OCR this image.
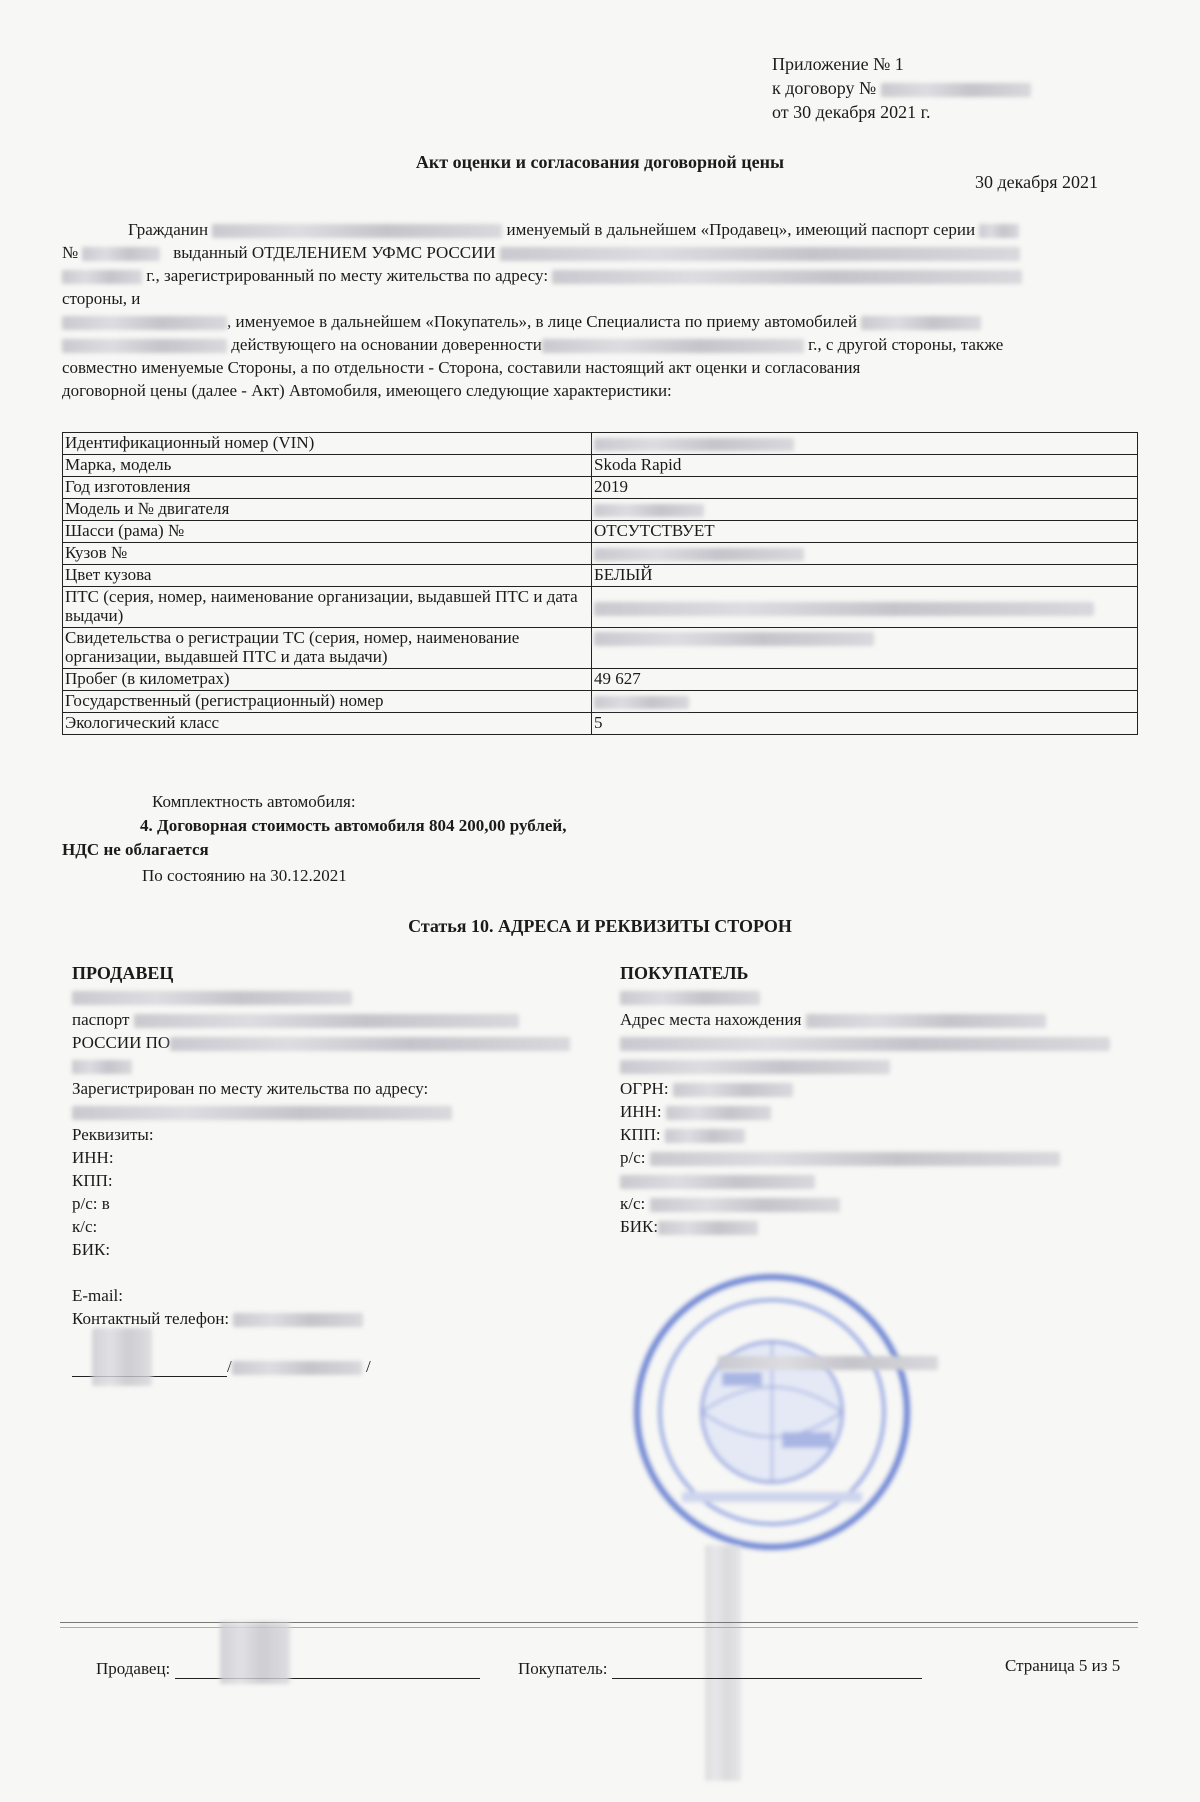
Приложение № 1
к договору №
от 30 декабря 2021 г.
Акт оценки и согласования договорной цены
30 декабря 2021

Гражданин	именуемый в дальнейшем «Продавец», имеющий паспорт серии

№	выданный ОТДЕЛЕНИЕМ УФМС РОССИИ

г., зарегистрированный по месту жительства по адресу:

стороны, и

, именуемое в дальнейшем «Покупатель», в лице Специалиста по приему автомобилей

действующего на основании доверенности	г., с другой стороны, также

совместно именуемые Стороны, а по отдельности - Сторона, составили настоящий акт оценки и согласования

договорной цены (далее - Акт) Автомобиля, имеющего следующие характеристики:

Идентификационный номер (VIN)	
Марка, модель	Skoda Rapid
Год изготовления	2019
Модель и № двигателя	
Шасси (рама) №	ОТСУТСТВУЕТ
Кузов №	
Цвет кузова	БЕЛЫЙ
ПТС (серия, номер, наименование организации, выдавшей ПТС и дата выдачи)	
Свидетельства о регистрации ТС (серия, номер, наименование организации, выдавшей ПТС и дата выдачи)	
Пробег (в километрах)	49 627
Государственный (регистрационный) номер	
Экологический класс	5
Комплектность автомобиля:
4. Договорная стоимость автомобиля 804 200,00 рублей,
НДС не облагается
По состоянию на 30.12.2021
Статья 10. АДРЕСА И РЕКВИЗИТЫ СТОРОН
ПРОДАВЕЦ
паспорт
РОССИИ ПО
Зарегистрирован по месту жительства по адресу:
Реквизиты:
ИНН:
КПП:
р/с: в
к/с:
БИК:
E-mail:
Контактный телефон:
/	/
ПОКУПАТЕЛЬ
Адрес места нахождения
ОГРН:
ИНН:
КПП:
р/с:
к/с:
БИК:
Продавец:	Покупатель:	Страница 5 из 5
